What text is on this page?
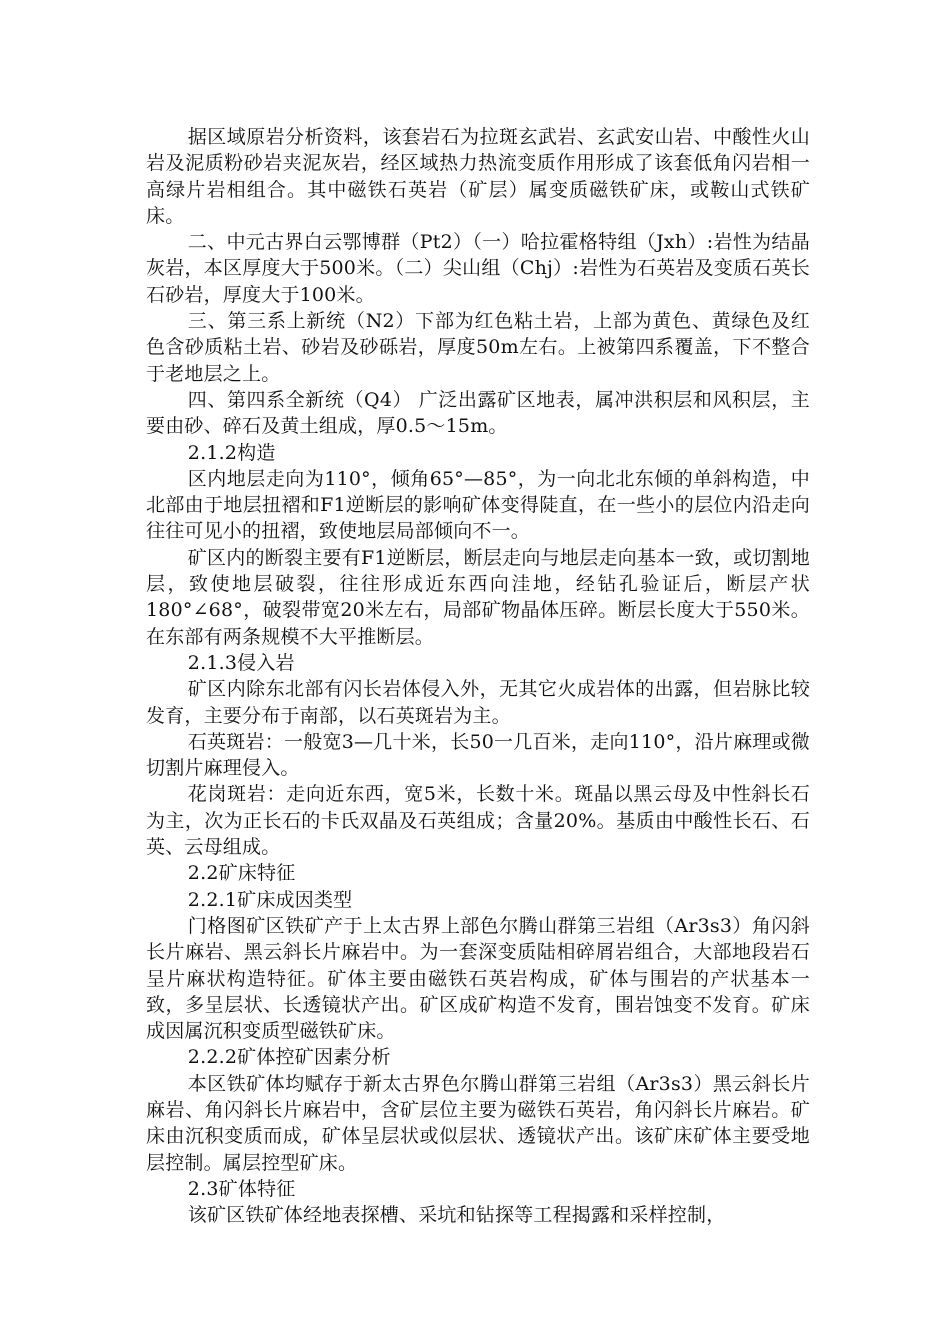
据区域原岩分析资料，该套岩石为拉斑玄武岩、玄武安山岩、中酸性火山岩及泥质粉砂岩夹泥灰岩，经区域热力热流变质作用形成了该套低角闪岩相一高绿片岩相组合。其中磁铁石英岩（矿层）属变质磁铁矿床，或鞍山式铁矿床。

二、中元古界白云鄂博群（Pt2）（一）哈拉霍格特组（Jxh）:岩性为结晶灰岩，本区厚度大于500米。（二）尖山组（Chj）:岩性为石英岩及变质石英长石砂岩，厚度大于100米。

三、第三系上新统（N2）下部为红色粘土岩，上部为黄色、黄绿色及红色含砂质粘土岩、砂岩及砂砾岩，厚度50m左右。上被第四系覆盖，下不整合于老地层之上。

四、第四系全新统（Q4） 广泛出露矿区地表，属冲洪积层和风积层，主要由砂、碎石及黄土组成，厚0.5～15m。

2.1.2构造

区内地层走向为110°，倾角65°—85°，为一向北北东倾的单斜构造，中北部由于地层扭褶和F1逆断层的影响矿体变得陡直，在一些小的层位内沿走向往往可见小的扭褶，致使地层局部倾向不一。

矿区内的断裂主要有F1逆断层，断层走向与地层走向基本一致，或切割地层，致使地层破裂，往往形成近东西向洼地，经钻孔验证后，断层产状180°∠68°，破裂带宽20米左右，局部矿物晶体压碎。断层长度大于550米。在东部有两条规模不大平推断层。

2.1.3侵入岩

矿区内除东北部有闪长岩体侵入外，无其它火成岩体的出露，但岩脉比较发育，主要分布于南部，以石英斑岩为主。

石英斑岩：一般宽3—几十米，长50一几百米，走向110°，沿片麻理或微切割片麻理侵入。

花岗斑岩：走向近东西，宽5米，长数十米。斑晶以黑云母及中性斜长石为主，次为正长石的卡氏双晶及石英组成；含量20%。基质由中酸性长石、石英、云母组成。

2.2矿床特征

2.2.1矿床成因类型

门格图矿区铁矿产于上太古界上部色尔腾山群第三岩组（Ar3s3）角闪斜长片麻岩、黑云斜长片麻岩中。为一套深变质陆相碎屑岩组合，大部地段岩石呈片麻状构造特征。矿体主要由磁铁石英岩构成，矿体与围岩的产状基本一致，多呈层状、长透镜状产出。矿区成矿构造不发育，围岩蚀变不发育。矿床成因属沉积变质型磁铁矿床。

2.2.2矿体控矿因素分析

本区铁矿体均赋存于新太古界色尔腾山群第三岩组（Ar3s3）黑云斜长片麻岩、角闪斜长片麻岩中，含矿层位主要为磁铁石英岩，角闪斜长片麻岩。矿床由沉积变质而成，矿体呈层状或似层状、透镜状产出。该矿床矿体主要受地层控制。属层控型矿床。

2.3矿体特征

该矿区铁矿体经地表探槽、采坑和钻探等工程揭露和采样控制，
